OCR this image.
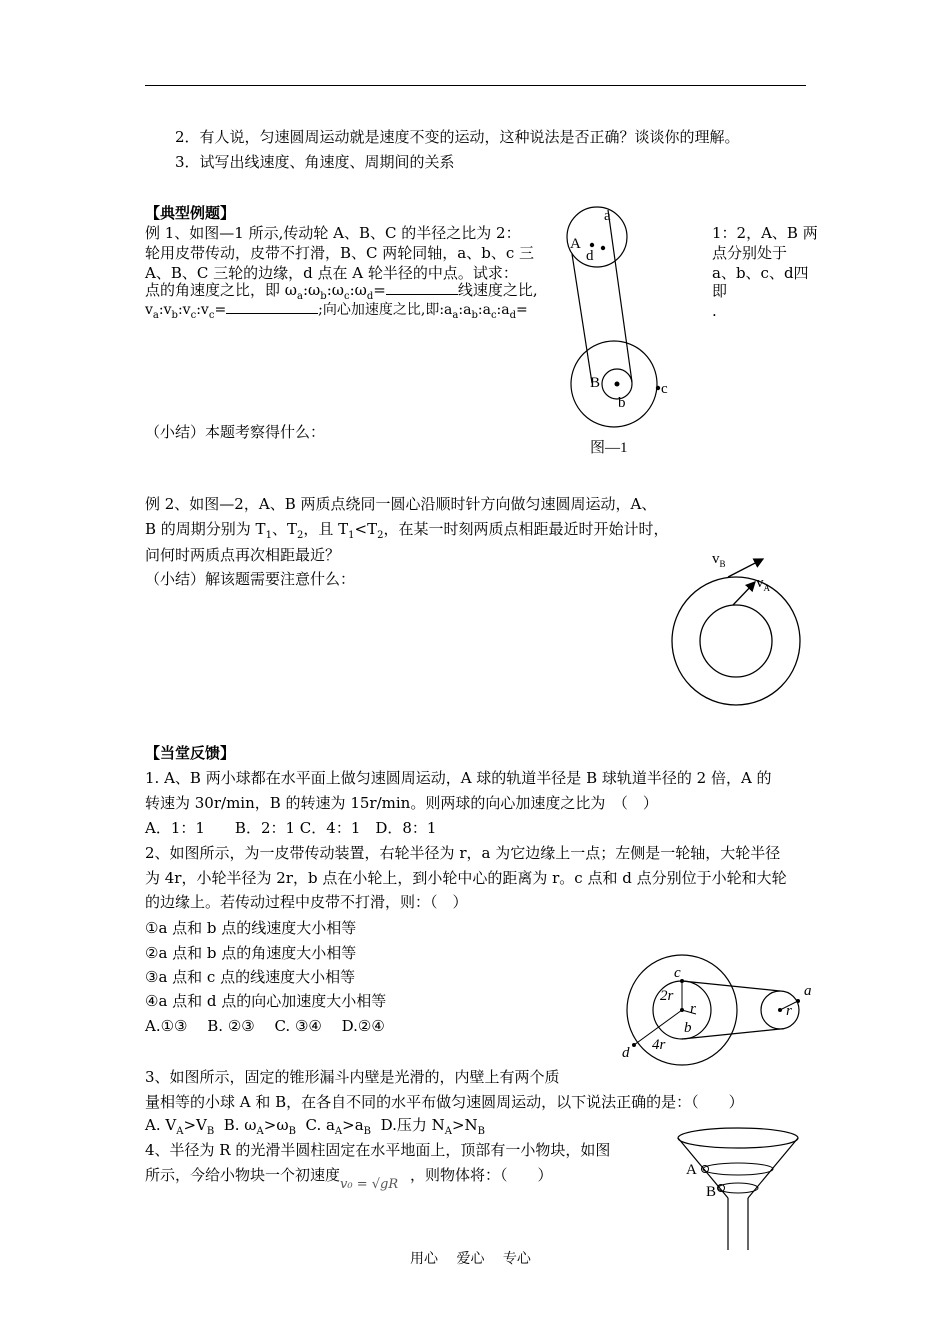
2．有人说，匀速圆周运动就是速度不变的运动，这种说法是否正确？谈谈你的理解。
3．试写出线速度、角速度、周期间的关系
【典型例题】
例 1、如图—1 所示,传动轮 A、B、C 的半径之比为 2：
轮用皮带传动，皮带不打滑，B、C 两轮同轴，a、b、c 三
A、B、C 三轮的边缘，d 点在 A 轮半径的中点。试求：
点的角速度之比，即 $\omega_a:\omega_b:\omega_c:\omega_d=$	线速度之比,
$v_a:v_b:v_c:v_c=$	;向心加速度之比,即$:a_a:a_b:a_c:a_d=$
1：2，A、B 两
点分别处于
a、b、c、d四
即
.
（小结）本题考察得什么：
a
A
d
B
b
c
图—1
例 2、如图—2，A、B 两质点绕同一圆心沿顺时针方向做匀速圆周运动，A、
B 的周期分别为 $T_1$、$T_2$，且 $T_1<T_2$，在某一时刻两质点相距最近时开始计时，
问何时两质点再次相距最近？
（小结）解该题需要注意什么：
$v_B$
$v_A$
【当堂反馈】
1. A、B 两小球都在水平面上做匀速圆周运动，A 球的轨道半径是 B 球轨道半径的 2 倍，A 的
转速为 30r/min，B 的转速为 15r/min。则两球的向心加速度之比为　（　）
A．1：1　　B．2：1 C．4：1　D．8：1
2、如图所示，为一皮带传动装置，右轮半径为 r，a 为它边缘上一点；左侧是一轮轴，大轮半径
为 4r，小轮半径为 2r，b 点在小轮上，到小轮中心的距离为 r。c 点和 d 点分别位于小轮和大轮
的边缘上。若传动过程中皮带不打滑，则：（　）
①a 点和 b 点的线速度大小相等
②a 点和 b 点的角速度大小相等
③a 点和 c 点的线速度大小相等
④a 点和 d 点的向心加速度大小相等
A.①③　 B. ②③　 C. ③④　 D.②④
c
2r
r
b
d 4r
a
r
3、如图所示，固定的锥形漏斗内壁是光滑的，内壁上有两个质
量相等的小球 A 和 B，在各自不同的水平布做匀速圆周运动，以下说法正确的是：（　　）
A. $V_A>V_B$ B. $\omega_A>\omega_B$ C. $a_A>a_B$ D.压力 $N_A>N_B$
4、半径为 R 的光滑半圆柱固定在水平地面上，顶部有一小物块，如图
所示，今给小物块一个初速度v₀ = √gR，则物体将：（　　）	A
B
用心　 爱心　 专心
